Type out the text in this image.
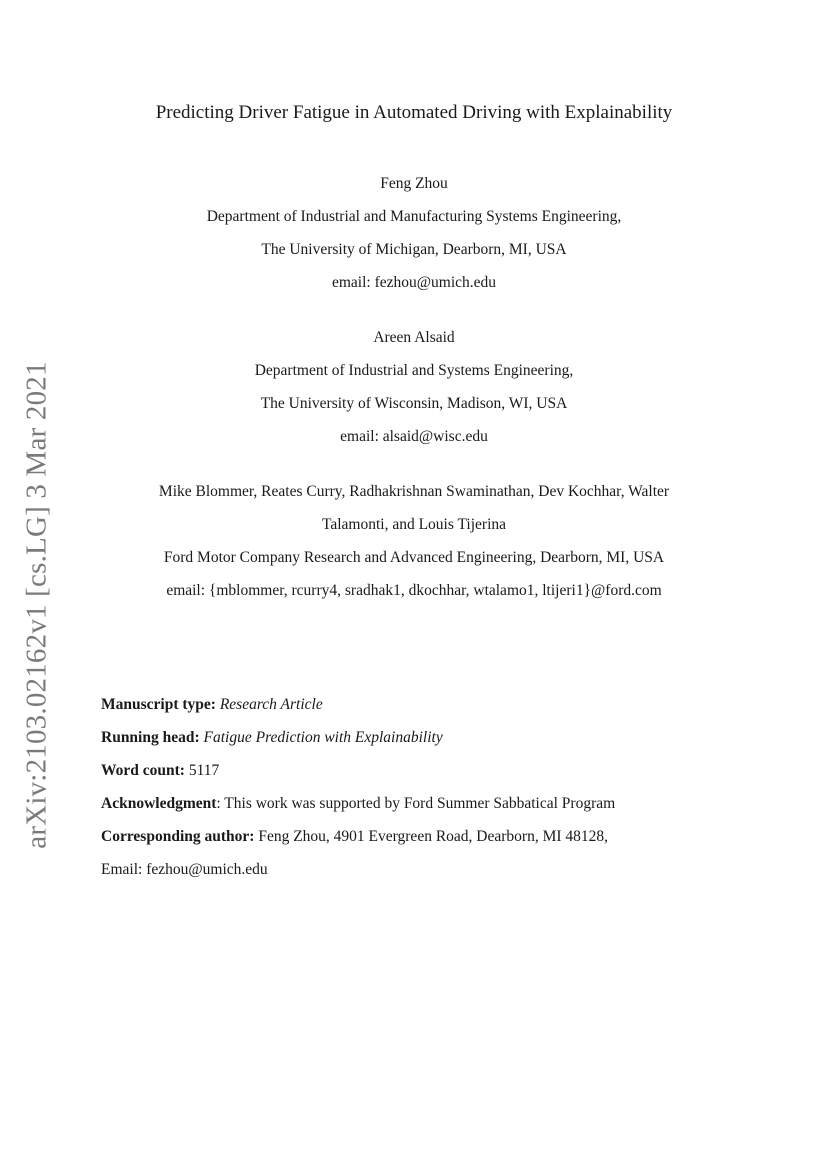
arXiv:2103.02162v1 [cs.LG] 3 Mar 2021
Predicting Driver Fatigue in Automated Driving with Explainability
Feng Zhou
Department of Industrial and Manufacturing Systems Engineering,
The University of Michigan, Dearborn, MI, USA
email: fezhou@umich.edu
Areen Alsaid
Department of Industrial and Systems Engineering,
The University of Wisconsin, Madison, WI, USA
email: alsaid@wisc.edu
Mike Blommer, Reates Curry, Radhakrishnan Swaminathan, Dev Kochhar, Walter
Talamonti, and Louis Tijerina
Ford Motor Company Research and Advanced Engineering, Dearborn, MI, USA
email: {mblommer, rcurry4, sradhak1, dkochhar, wtalamo1, ltijeri1}@ford.com
Manuscript type: Research Article
Running head: Fatigue Prediction with Explainability
Word count: 5117
Acknowledgment: This work was supported by Ford Summer Sabbatical Program
Corresponding author: Feng Zhou, 4901 Evergreen Road, Dearborn, MI 48128,
Email: fezhou@umich.edu
